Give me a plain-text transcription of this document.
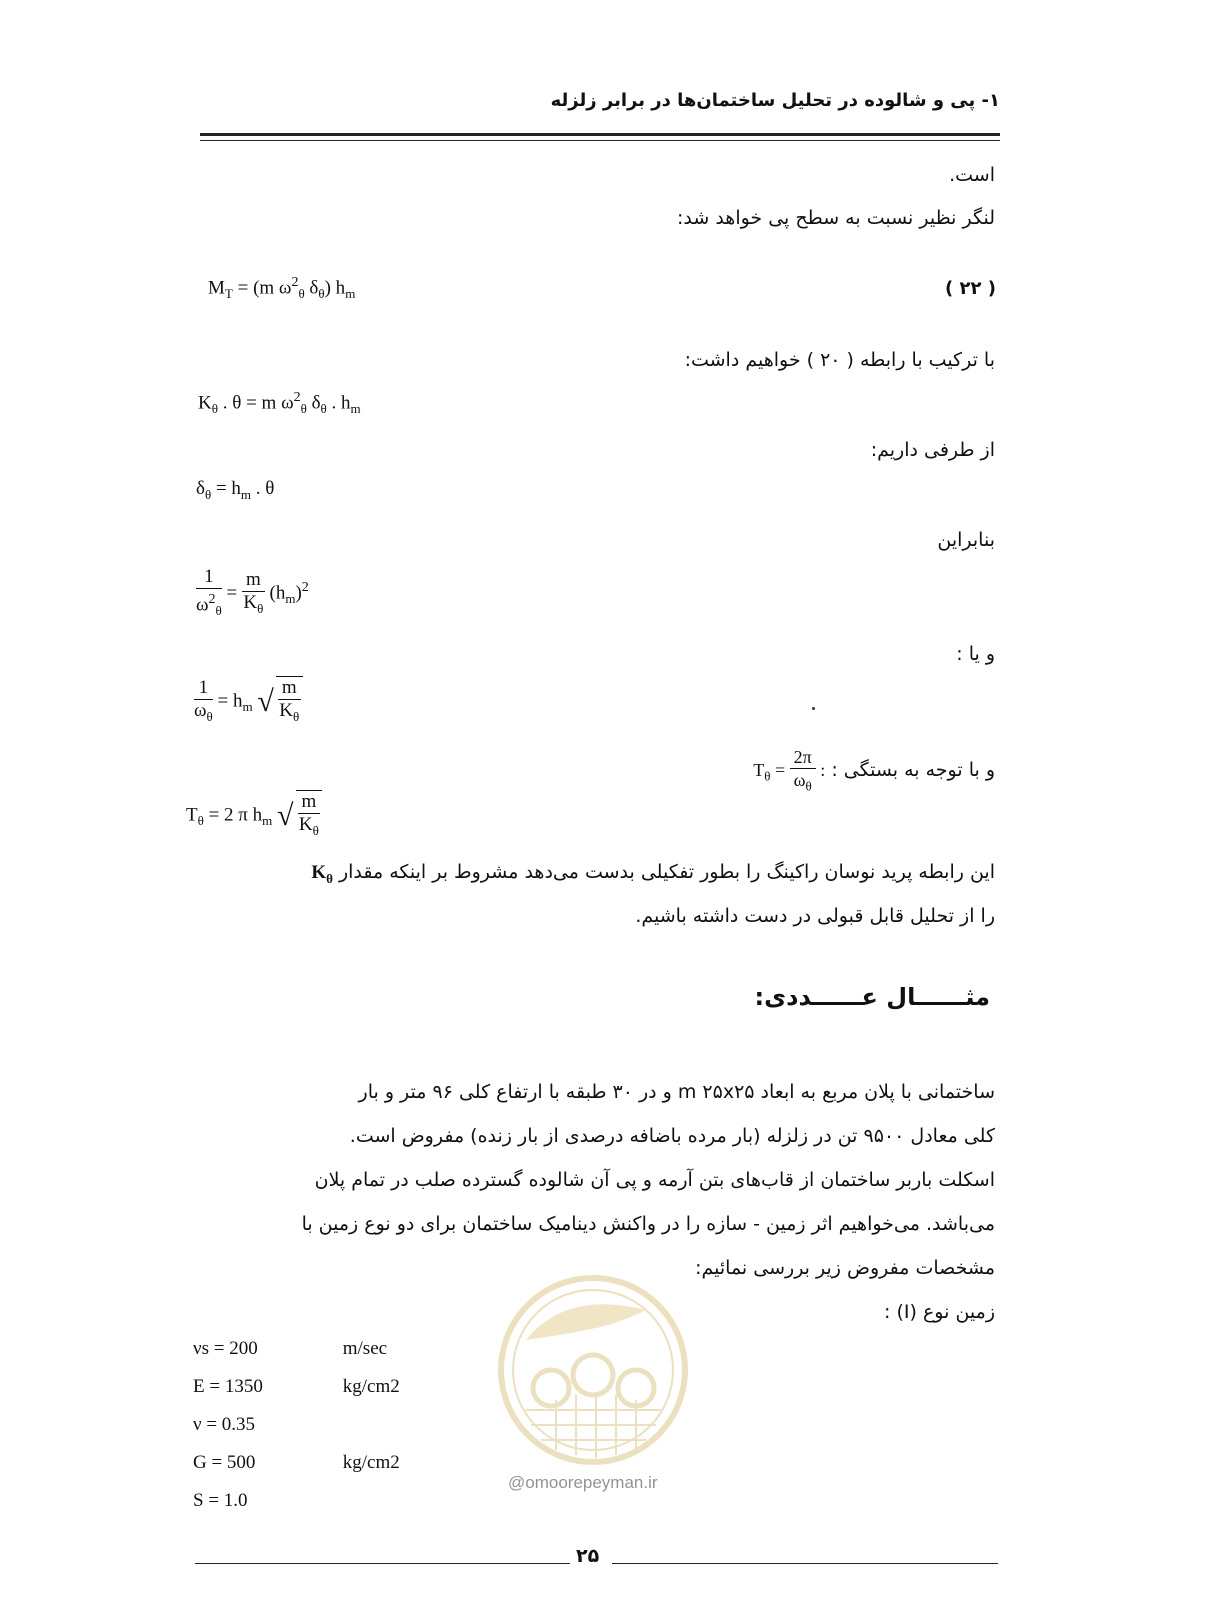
۱- پی و شالوده در تحلیل ساختمان‌ها در برابر زلزله
است.
لنگر نظیر نسبت به سطح پی خواهد شد:
$M_T = (m$ $\omega^2_\theta$ $\delta_\theta$) $h_m$	( ۲۲ )
با ترکیب با رابطه ( ۲۰ ) خواهیم داشت:
$K_\theta$ . θ = m $\omega^2_\theta$ $\delta_\theta$ . $h_m$
از طرفی داریم:
$\delta_\theta = h_m$ . θ
بنابراین
$\frac{1}{\omega^2_\theta} = \frac{m}{K_\theta} (h_m)^2$
و یا :
$\frac{1}{\omega_\theta} = h_m$ √ $\frac{m}{K_\theta}$
و با توجه به بستگی : $T_\theta = \frac{2\pi}{\omega_\theta}$ :
$T_\theta = 2$ π $h_m$ √ $\frac{m}{K_\theta}$
این رابطه پرید نوسان راکینگ را بطور تفکیلی بدست می‌دهد مشروط بر اینکه مقدار $K_\theta$
را از تحلیل قابل قبولی در دست داشته باشیم.
مثــــــال عــــــددی:
ساختمانی با پلان مربع به ابعاد m ۲۵x۲۵ و در ۳۰ طبقه با ارتفاع کلی ۹۶ متر و بار
کلی معادل ۹۵۰۰ تن در زلزله (بار مرده باضافه درصدی از بار زنده) مفروض است.
اسکلت باربر ساختمان از قاب‌های بتن آرمه و پی آن شالوده گسترده صلب در تمام پلان
می‌باشد. می‌خواهیم اثر زمین - سازه را در واکنش دینامیک ساختمان برای دو نوع زمین با
مشخصات مفروض زیر بررسی نمائیم:
زمین نوع (I) :
νs = 200	m/sec
E = 1350	kg/cm2
ν = 0.35
G = 500	kg/cm2
S = 1.0
@omoorepeyman.ir
۲۵
